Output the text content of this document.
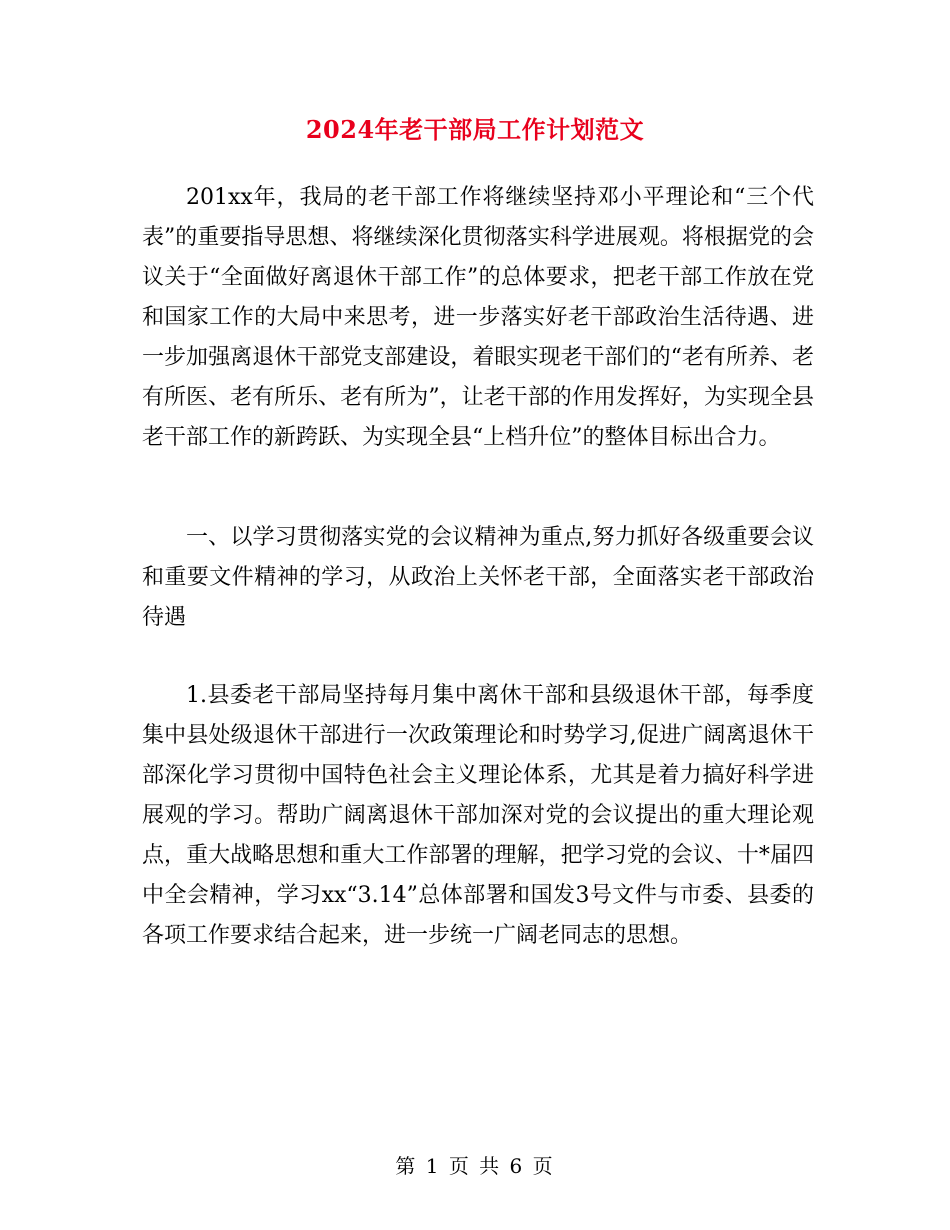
2024年老干部局工作计划范文
201xx年，我局的老干部工作将继续坚持邓小平理论和“三个代表”的重要指导思想、将继续深化贯彻落实科学进展观。将根据党的会议关于“全面做好离退休干部工作”的总体要求，把老干部工作放在党和国家工作的大局中来思考，进一步落实好老干部政治生活待遇、进一步加强离退休干部党支部建设，着眼实现老干部们的“老有所养、老有所医、老有所乐、老有所为”，让老干部的作用发挥好，为实现全县老干部工作的新跨跃、为实现全县“上档升位”的整体目标出合力。
一、以学习贯彻落实党的会议精神为重点,努力抓好各级重要会议和重要文件精神的学习，从政治上关怀老干部，全面落实老干部政治待遇
1.县委老干部局坚持每月集中离休干部和县级退休干部，每季度集中县处级退休干部进行一次政策理论和时势学习,促进广阔离退休干部深化学习贯彻中国特色社会主义理论体系，尤其是着力搞好科学进展观的学习。帮助广阔离退休干部加深对党的会议提出的重大理论观点，重大战略思想和重大工作部署的理解，把学习党的会议、十*届四中全会精神，学习xx“3.14”总体部署和国发3号文件与市委、县委的各项工作要求结合起来，进一步统一广阔老同志的思想。
第 1 页 共 6 页
